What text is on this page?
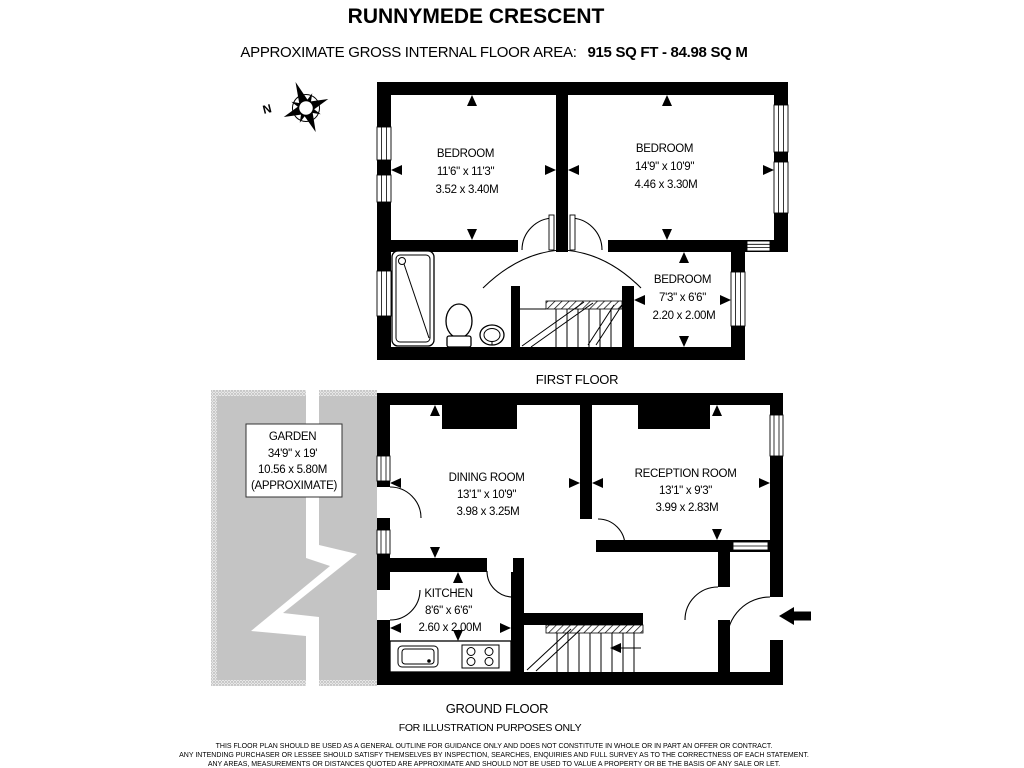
RUNNYMEDE CRESCENT
APPROXIMATE GROSS INTERNAL FLOOR AREA: 915 SQ FT - 84.98 SQ M
N
BEDROOM 11'6" x 11'3" 3.52 x 3.40M
BEDROOM 14'9" x 10'9" 4.46 x 3.30M
BEDROOM 7'3" x 6'6" 2.20 x 2.00M
FIRST FLOOR
GARDEN 34'9" x 19' 10.56 x 5.80M (APPROXIMATE)
DINING ROOM 13'1" x 10'9" 3.98 x 3.25M
RECEPTION ROOM 13'1" x 9'3" 3.99 x 2.83M
KITCHEN 8'6" x 6'6" 2.60 x 2.00M
GROUND FLOOR
FOR ILLUSTRATION PURPOSES ONLY
THIS FLOOR PLAN SHOULD BE USED AS A GENERAL OUTLINE FOR GUIDANCE ONLY AND DOES NOT CONSTITUTE IN WHOLE OR IN PART AN OFFER OR CONTRACT.
ANY INTENDING PURCHASER OR LESSEE SHOULD SATISFY THEMSELVES BY INSPECTION, SEARCHES, ENQUIRIES AND FULL SURVEY AS TO THE CORRECTNESS OF EACH STATEMENT.
ANY AREAS, MEASUREMENTS OR DISTANCES QUOTED ARE APPROXIMATE AND SHOULD NOT BE USED TO VALUE A PROPERTY OR BE THE BASIS OF ANY SALE OR LET.
